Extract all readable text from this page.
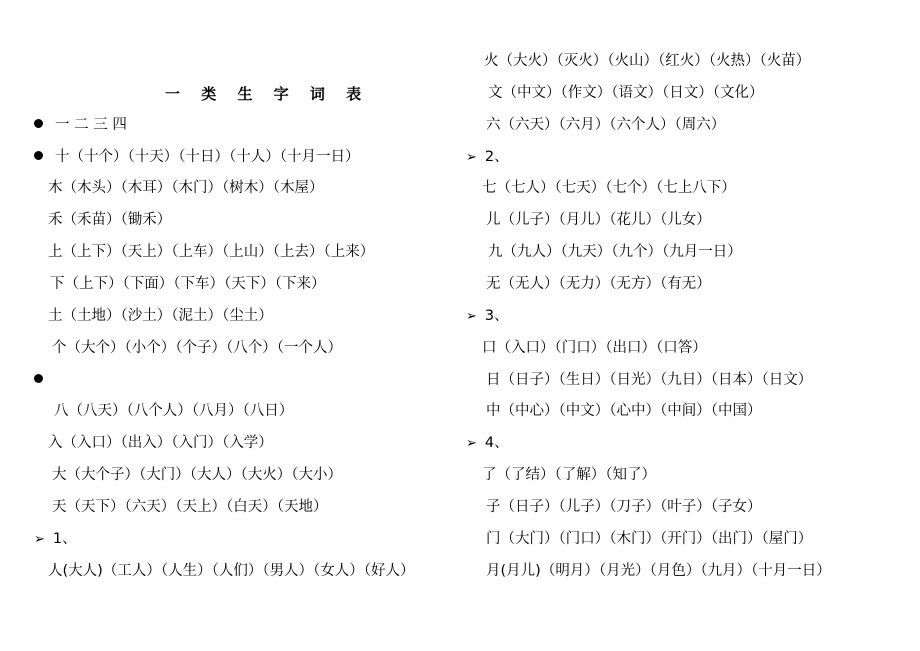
一 类 生 字 词 表
一 二 三 四
十（十个）（十天）（十日）（十人）（十月一日）
木（木头）（木耳）（木门）（树木）（木屋）
禾（禾苗）（锄禾）
上（上下）（天上）（上车）（上山）（上去）（上来）
下（上下）（下面）（下车）（天下）（下来）
土（土地）（沙土）（泥土）（尘土）
个（大个）（小个）（个子）（八个）（一个人）
八（八天）（八个人）（八月）（八日）
入（入口）（出入）（入门）（入学）
大（大个子）（大门）（大人）（大火）（大小）
天（天下）（六天）（天上）（白天）（天地）
➢ 1、
人(大人)（工人）（人生）（人们）（男人）（女人）（好人）
火（大火）（灭火）（火山）（红火）（火热）（火苗）
文（中文）（作文）（语文）（日文）（文化）
六（六天）（六月）（六个人）（周六）
➢ 2、
七（七人）（七天）（七个）（七上八下）
儿（儿子）（月儿）（花儿）（儿女）
九（九人）（九天）（九个）（九月一日）
无（无人）（无力）（无方）（有无）
➢ 3、
口（入口）（门口）（出口）（口答）
日（日子）（生日）（日光）（九日）（日本）（日文）
中（中心）（中文）（心中）（中间）（中国）
➢ 4、
了（了结）（了解）（知了）
子（日子）（儿子）（刀子）（叶子）（子女）
门（大门）（门口）（木门）（开门）（出门）（屋门）
月(月儿)（明月）（月光）（月色）（九月）（十月一日）
